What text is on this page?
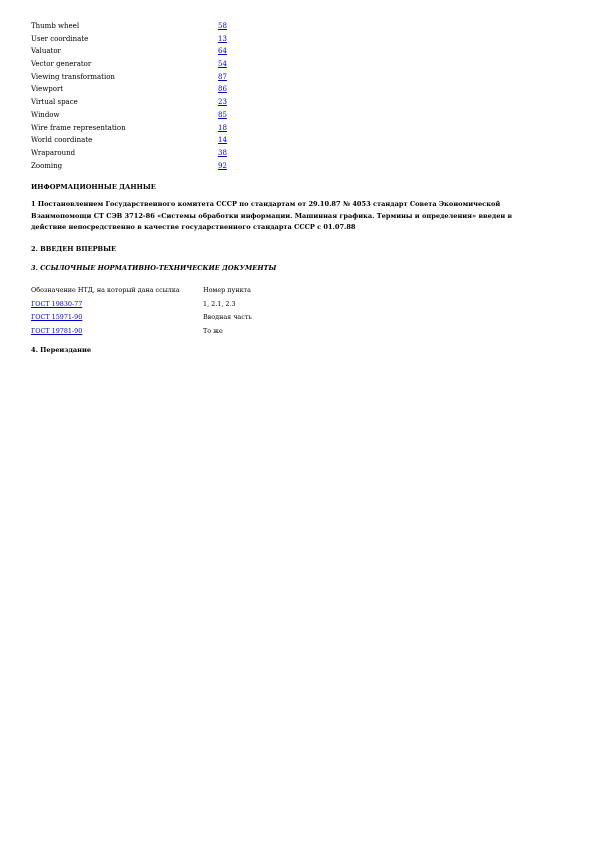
Thumb wheel	58
User coordinate	13
Valuator	64
Vector generator	54
Viewing transformation	87
Viewport	86
Virtual space	23
Window	85
Wire frame representation	18
World coordinate	14
Wraparound	38
Zooming	92
ИНФОРМАЦИОННЫЕ ДАННЫЕ
1 Постановлением Государственного комитета СССР по стандартам от 29.10.87 № 4053 стандарт Совета Экономической
Взаимопомощи СТ СЭВ 3712-86 «Системы обработки информации. Машинная графика. Термины и определения» введен в
действие непосредственно в качестве государственного стандарта СССР с 01.07.88
2. ВВЕДЕН ВПЕРВЫЕ
3. ССЫЛОЧНЫЕ НОРМАТИВНО-ТЕХНИЧЕСКИЕ ДОКУМЕНТЫ
Обозначение НТД, на который дана ссылка	Номер пункта
ГОСТ 19830-77	1, 2.1, 2.3
ГОСТ 15971-90	Вводная часть
ГОСТ 19781-90	То же
4. Переиздание
